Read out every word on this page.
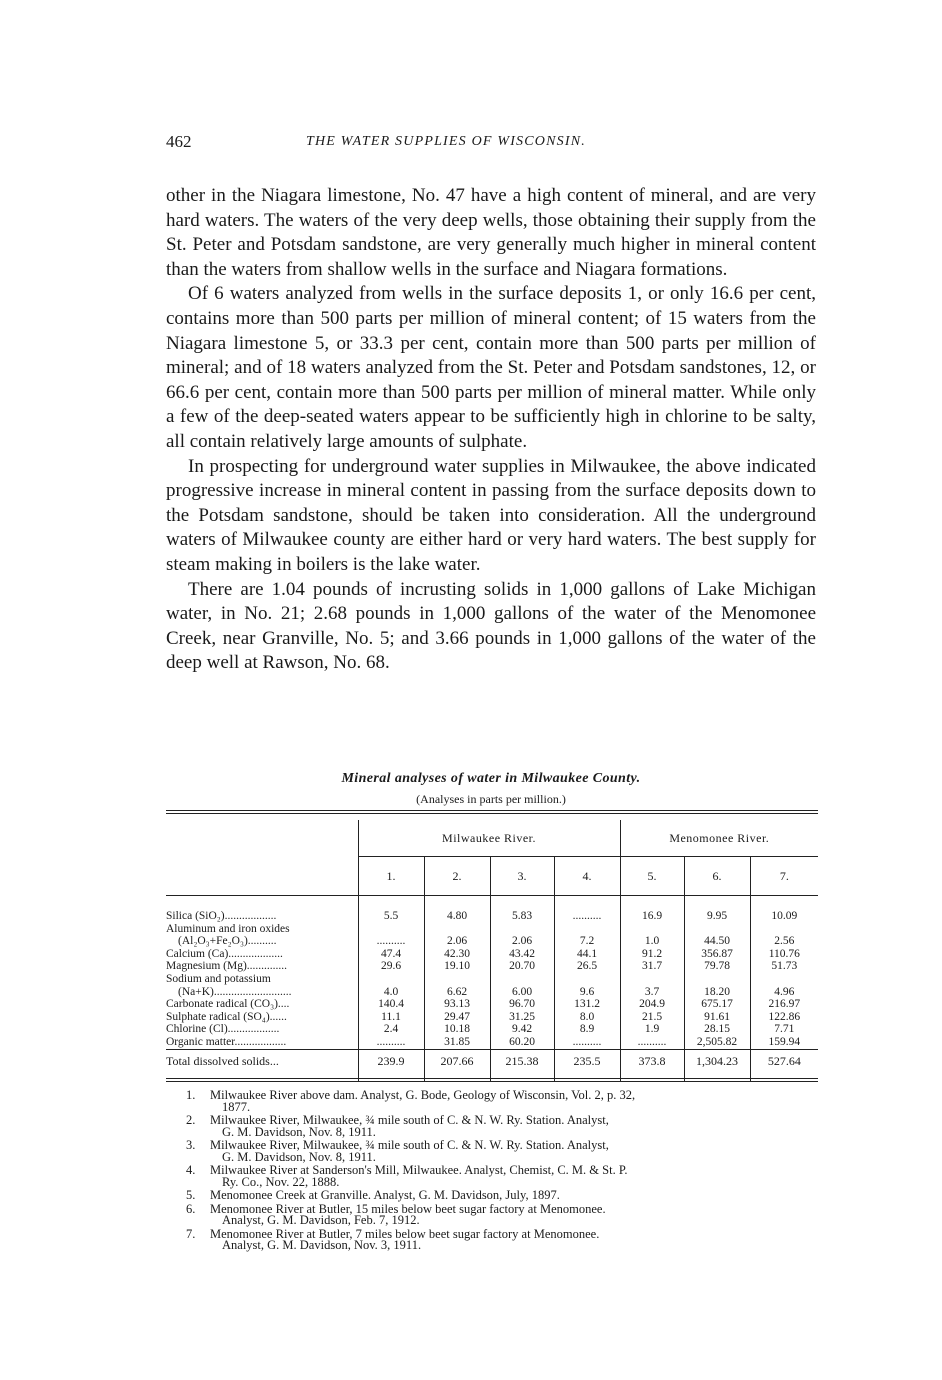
462	THE WATER SUPPLIES OF WISCONSIN.

other in the Niagara limestone, No. 47 have a high content of mineral, and are very hard waters. The waters of the very deep wells, those obtaining their supply from the St. Peter and Potsdam sandstone, are very generally much higher in mineral content than the waters from shallow wells in the surface and Niagara formations.

Of 6 waters analyzed from wells in the surface deposits 1, or only 16.6 per cent, contains more than 500 parts per million of mineral content; of 15 waters from the Niagara limestone 5, or 33.3 per cent, contain more than 500 parts per million of mineral; and of 18 waters analyzed from the St. Peter and Potsdam sandstones, 12, or 66.6 per cent, contain more than 500 parts per million of mineral matter. While only a few of the deep-seated waters appear to be sufficiently high in chlorine to be salty, all contain relatively large amounts of sulphate.

In prospecting for underground water supplies in Milwaukee, the above indicated progressive increase in mineral content in passing from the surface deposits down to the Potsdam sandstone, should be taken into consideration. All the underground waters of Milwaukee county are either hard or very hard waters. The best supply for steam making in boilers is the lake water.

There are 1.04 pounds of incrusting solids in 1,000 gallons of Lake Michigan water, in No. 21; 2.68 pounds in 1,000 gallons of the water of the Menomonee Creek, near Granville, No. 5; and 3.66 pounds in 1,000 gallons of the water of the deep well at Rawson, No. 68.

Mineral analyses of water in Milwaukee County.
(Analyses in parts per million.)
	Milwaukee River.				Menomonee River.		
	1.	2.	3.	4.	5.	6.	7.

Silica (SiO₂)..................	5.5	4.80	5.83	..........	16.9	9.95	10.09
Aluminum and iron oxides							
(Al₂O₃+Fe₂O₃)..........	..........	2.06	2.06	7.2	1.0	44.50	2.56
Calcium (Ca)...................	47.4	42.30	43.42	44.1	91.2	356.87	110.76
Magnesium (Mg)..............	29.6	19.10	20.70	26.5	31.7	79.78	51.73
Sodium and potassium							
(Na+K)...........................	4.0	6.62	6.00	9.6	3.7	18.20	4.96
Carbonate radical (CO₃)....	140.4	93.13	96.70	131.2	204.9	675.17	216.97
Sulphate radical (SO₄)......	11.1	29.47	31.25	8.0	21.5	91.61	122.86
Chlorine (Cl)..................	2.4	10.18	9.42	8.9	1.9	28.15	7.71
Organic matter..................	..........	31.85	60.20	..........	..........	2,505.82	159.94
Total dissolved solids...	239.9	207.66	215.38	235.5	373.8	1,304.23	527.64

1. Milwaukee River above dam. Analyst, G. Bode, Geology of Wisconsin, Vol. 2, p. 32,
1877.
2. Milwaukee River, Milwaukee, ¾ mile south of C. & N. W. Ry. Station. Analyst,
G. M. Davidson, Nov. 8, 1911.
3. Milwaukee River, Milwaukee, ¾ mile south of C. & N. W. Ry. Station. Analyst,
G. M. Davidson, Nov. 8, 1911.
4. Milwaukee River at Sanderson's Mill, Milwaukee. Analyst, Chemist, C. M. & St. P.
Ry. Co., Nov. 22, 1888.
5. Menomonee Creek at Granville. Analyst, G. M. Davidson, July, 1897.
6. Menomonee River at Butler, 15 miles below beet sugar factory at Menomonee.
Analyst, G. M. Davidson, Feb. 7, 1912.
7. Menomonee River at Butler, 7 miles below beet sugar factory at Menomonee.
Analyst, G. M. Davidson, Nov. 3, 1911.
